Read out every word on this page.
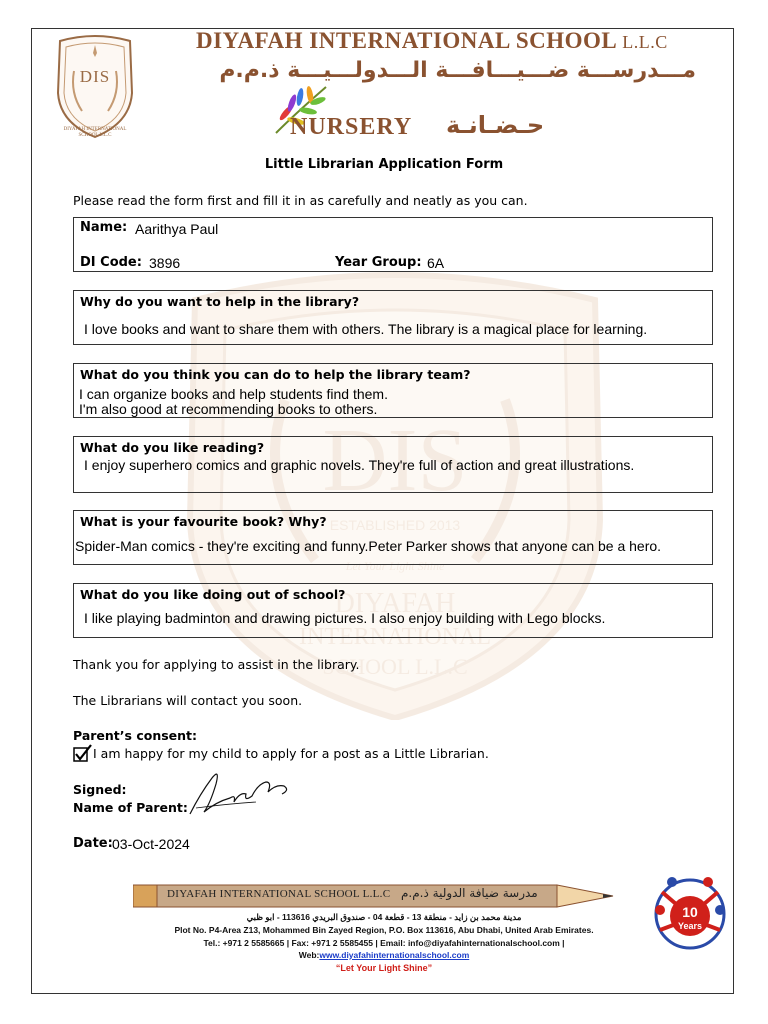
DIS
DIYAFAH INTERNATIONAL SCHOOL L.L.C
DIYAFAH INTERNATIONAL SCHOOL L.L.C
مـــدرســـة ضـــيـــافـــة الـــدولـــيـــة ذ.م.م
NURSERY حـضـانـة
DIS
ESTABLISHED 2013
Let Your Light Shine
DIYAFAH
INTERNATIONAL
SCHOOL L.L.C
Little Librarian Application Form
Please read the form first and fill it in as carefully and neatly as you can.
Name: Aarithya Paul
DI Code: 3896	Year Group: 6A
Why do you want to help in the library?
I love books and want to share them with others. The library is a magical place for learning.
What do you think you can do to help the library team?
I can organize books and help students find them.
I'm also good at recommending books to others.
What do you like reading?
I enjoy superhero comics and graphic novels. They're full of action and great illustrations.
What is your favourite book? Why?
Spider-Man comics - they're exciting and funny.Peter Parker shows that anyone can be a hero.
What do you like doing out of school?
I like playing badminton and drawing pictures. I also enjoy building with Lego blocks.
Thank you for applying to assist in the library.
The Librarians will contact you soon.
Parent’s consent:
I am happy for my child to apply for a post as a Little Librarian.
Signed:
Name of Parent:
Date: 03-Oct-2024
DIYAFAH INTERNATIONAL SCHOOL L.L.C مدرسة ضيافة الدولية ذ.م.م
مدينة محمد بن زايد - منطقة 13 - قطعة 04 - صندوق البريدي 113616 - ابو ظبي
Plot No. P4-Area Z13, Mohammed Bin Zayed Region, P.O. Box 113616, Abu Dhabi, United Arab Emirates.
Tel.: +971 2 5585665 | Fax: +971 2 5585455 | Email: info@diyafahinternationalschool.com |
Web:www.diyafahinternationalschool.com
“Let Your Light Shine”
10
Years
